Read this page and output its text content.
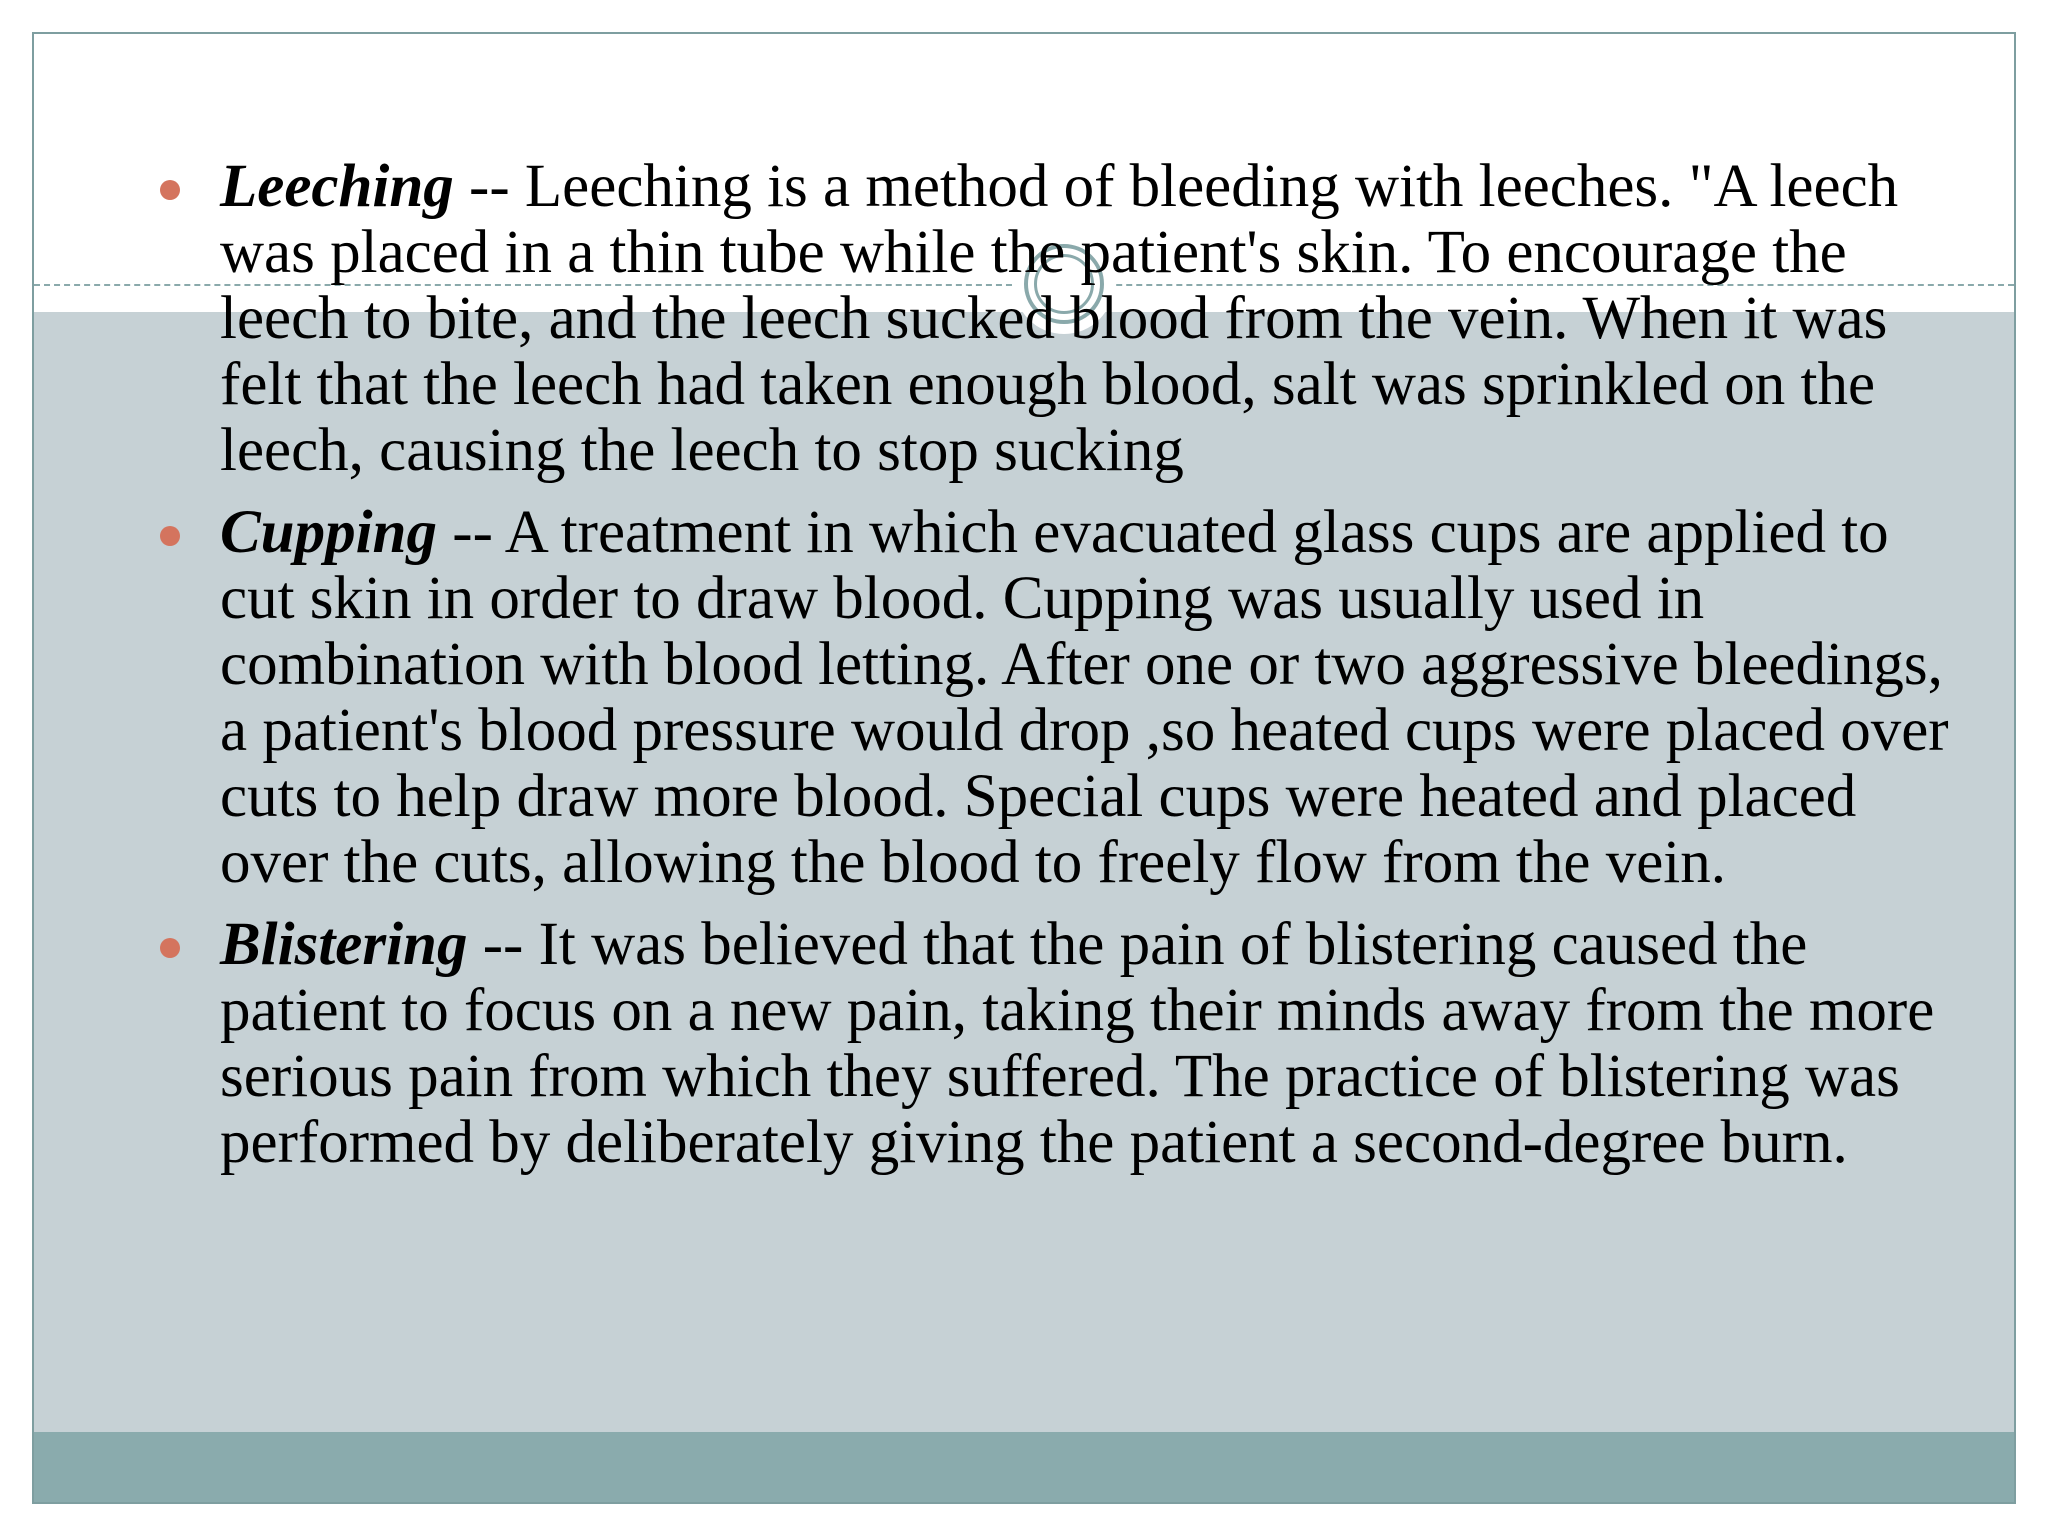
Leeching -- Leeching is a method of bleeding with leeches. "A leech was placed in a thin tube while the patient's skin. To encourage the leech to bite, and the leech sucked blood from the vein. When it was felt that the leech had taken enough blood, salt was sprinkled on the leech, causing the leech to stop sucking
Cupping -- A treatment in which evacuated glass cups are applied to cut skin in order to draw blood. Cupping was usually used in combination with blood letting. After one or two aggressive bleedings, a patient's blood pressure would drop ,so heated cups were placed over cuts to help draw more blood. Special cups were heated and placed over the cuts, allowing the blood to freely flow from the vein.
Blistering -- It was believed that the pain of blistering caused the patient to focus on a new pain, taking their minds away from the more serious pain from which they suffered. The practice of blistering was performed by deliberately giving the patient a second-degree burn.
